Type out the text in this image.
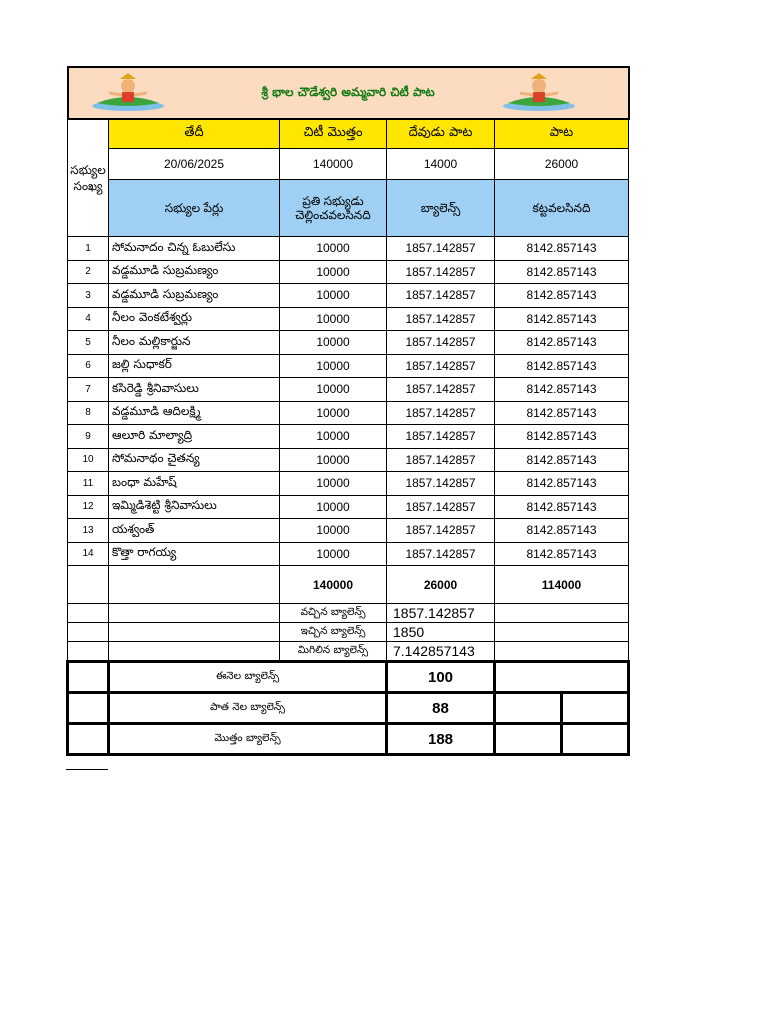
శ్రీ భాల చౌడేశ్వరి అమ్మవారి చిటీ పాట					

సభ్యుల సంఖ్య	తేదీ	చిటీ మొత్తం	దేవుడు పాట	పాట	
	20/06/2025	140000	14000	26000	
	సభ్యుల పేర్లు	ప్రతి సభ్యుడు చెల్లించవలసినది	బ్యాలెన్స్	కట్టవలసినది	
1	సోమనాదం చిన్న ఓబులేసు	10000	1857.142857	8142.857143	
2	వడ్డమూడి సుబ్రమణ్యం	10000	1857.142857	8142.857143	
3	వడ్డమూడి సుబ్రమణ్యం	10000	1857.142857	8142.857143	
4	నీలం వెంకటేశ్వర్లు	10000	1857.142857	8142.857143	
5	నీలం మల్లికార్జున	10000	1857.142857	8142.857143	
6	జల్లి సుధాకర్	10000	1857.142857	8142.857143	
7	కసిరెడ్డి శ్రీనివాసులు	10000	1857.142857	8142.857143	
8	వడ్డమూడి ఆదిలక్ష్మి	10000	1857.142857	8142.857143	
9	ఆలూరి మాల్యాద్రి	10000	1857.142857	8142.857143	
10	సోమనాథం చైతన్య	10000	1857.142857	8142.857143	
11	బంధా మహేష్	10000	1857.142857	8142.857143	
12	ఇమ్మిడిశెట్టి శ్రీనివాసులు	10000	1857.142857	8142.857143	
13	యశ్వంత్	10000	1857.142857	8142.857143	
14	కొత్తా రాగయ్య	10000	1857.142857	8142.857143	
		140000	26000	114000	
		వచ్చిన బ్యాలెన్స్	1857.142857		
		ఇచ్చిన బ్యాలెన్స్	1850		
		మిగిలిన బ్యాలెన్స్	7.142857143		
	ఈనెల బ్యాలెన్స్		100		
	పాత నెల బ్యాలెన్స్		88		
	మొత్తం బ్యాలెన్స్		188		
